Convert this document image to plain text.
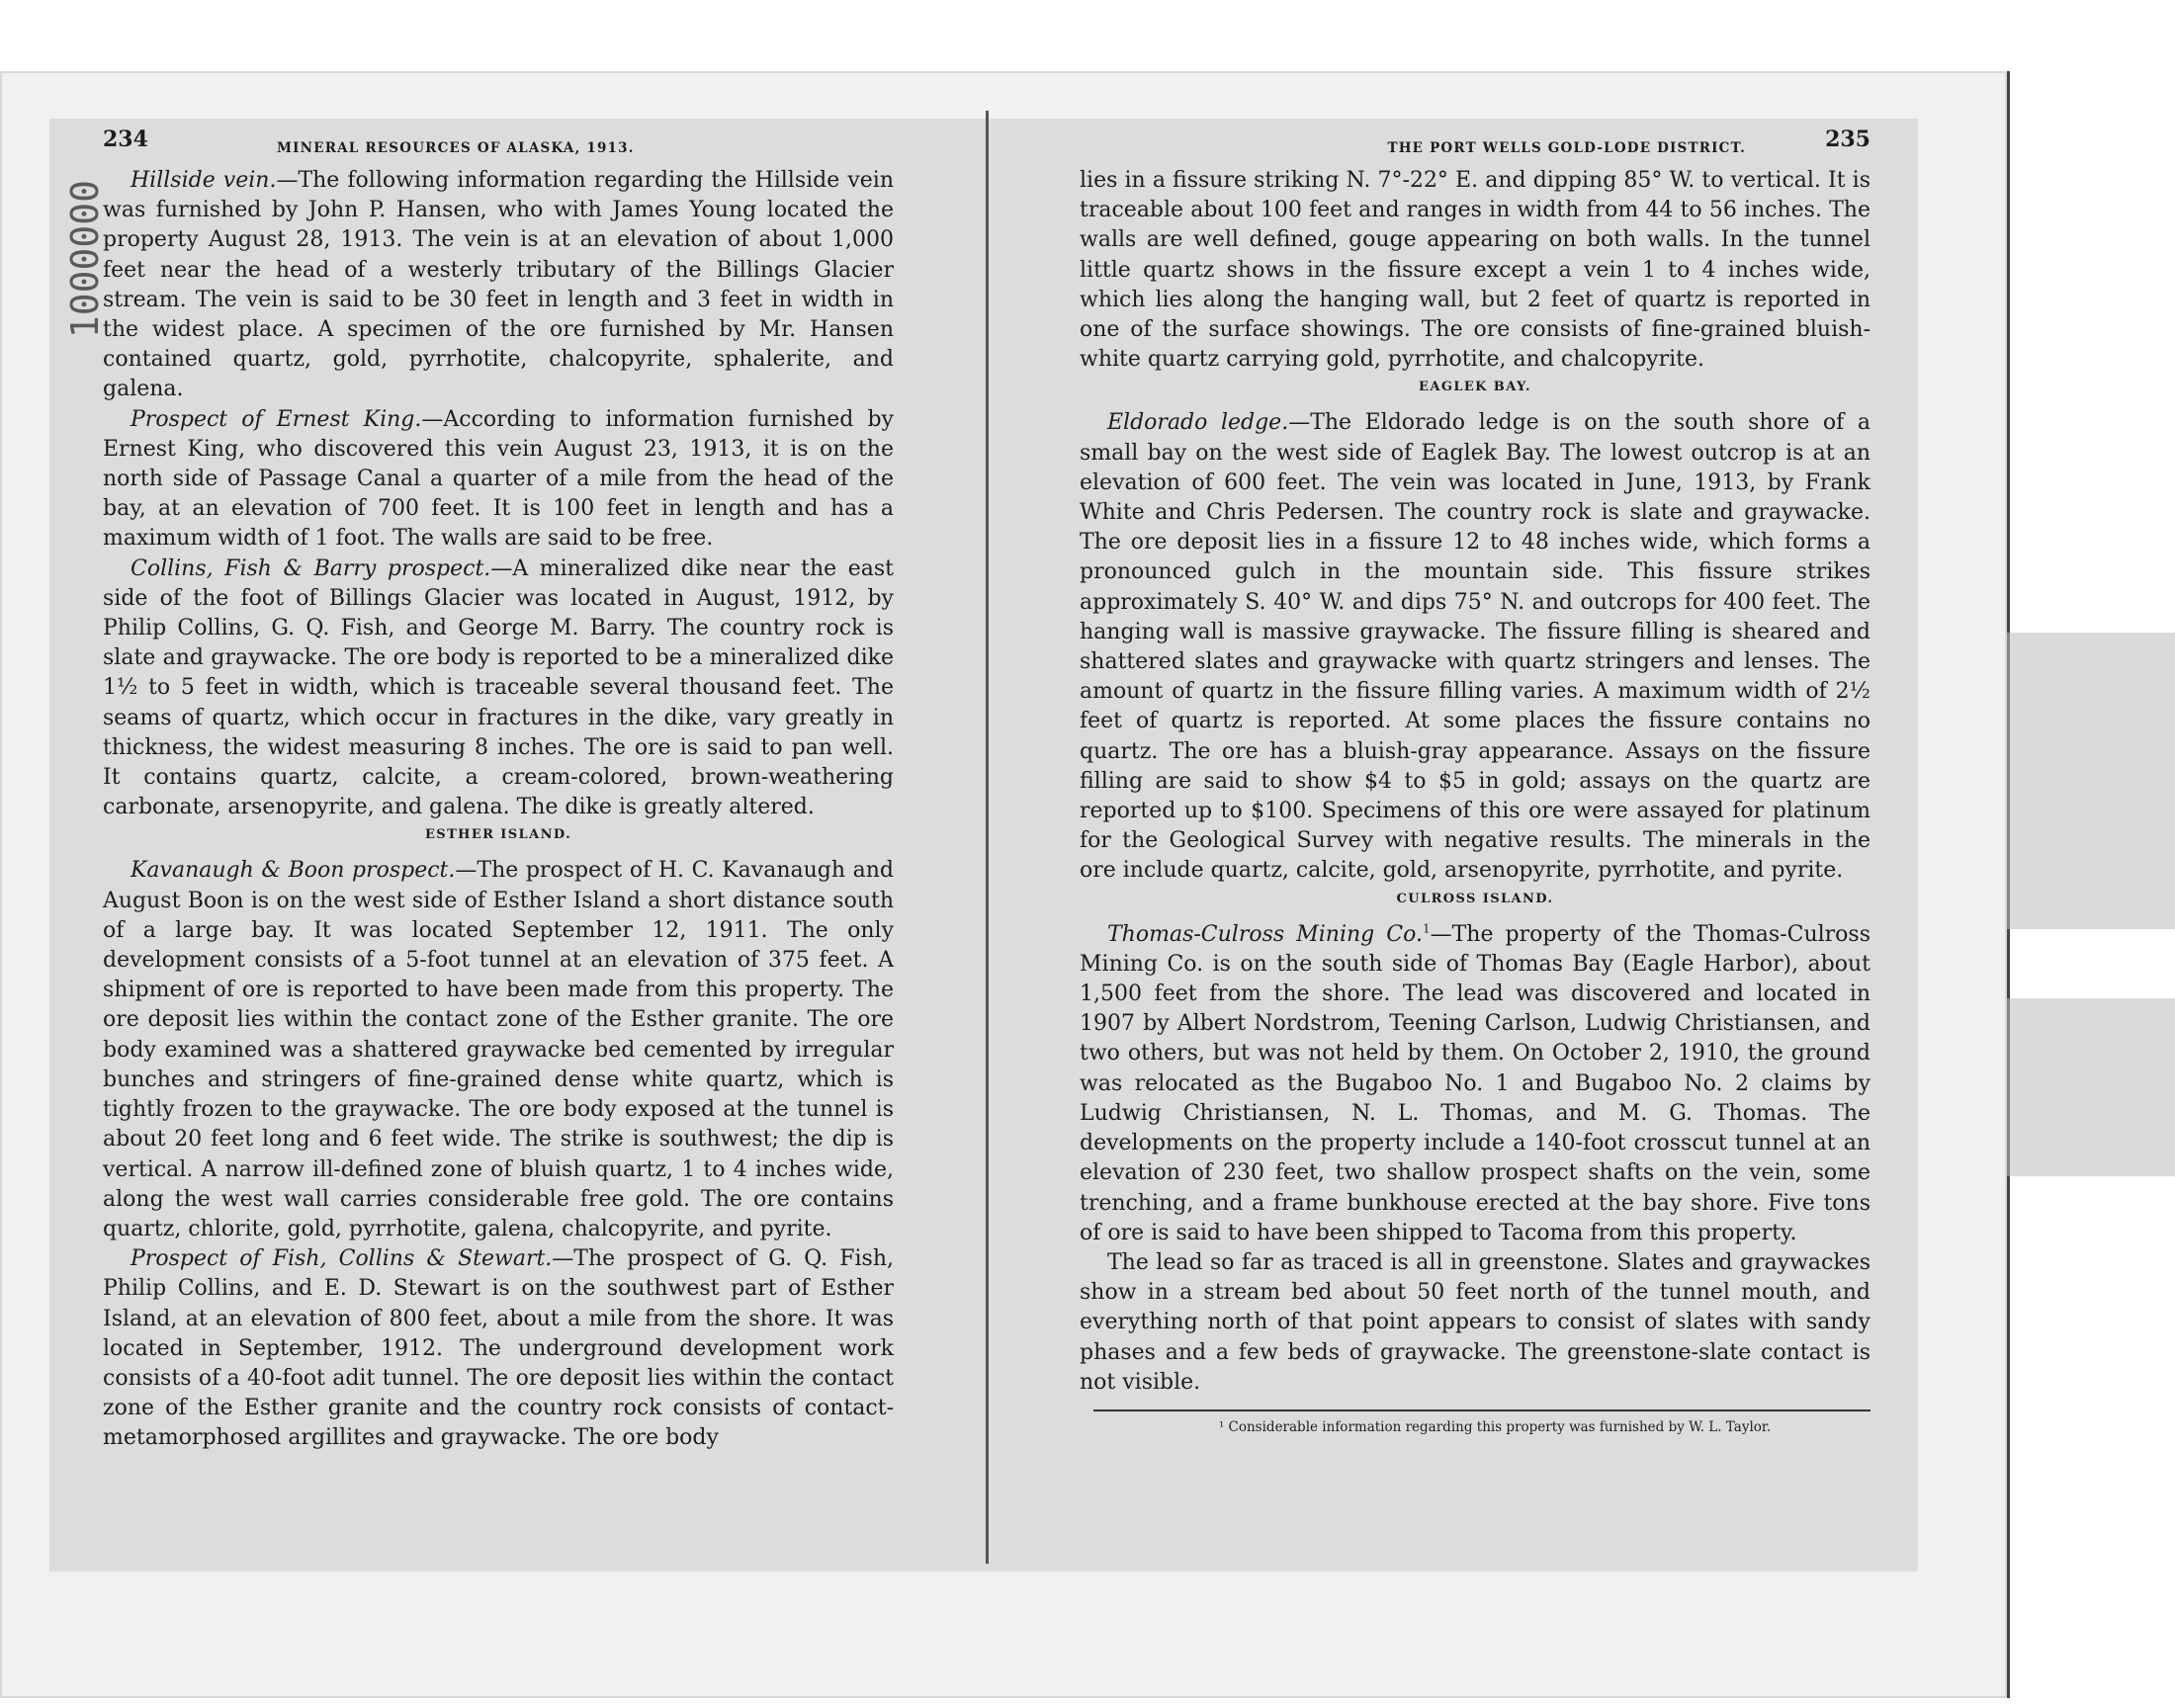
1000000
234	MINERAL RESOURCES OF ALASKA, 1913.

Hillside vein.—The following information regarding the Hillside vein was furnished by John P. Hansen, who with James Young located the property August 28, 1913. The vein is at an elevation of about 1,000 feet near the head of a westerly tributary of the Billings Glacier stream. The vein is said to be 30 feet in length and 3 feet in width in the widest place. A specimen of the ore furnished by Mr. Hansen contained quartz, gold, pyrrhotite, chalcopyrite, sphalerite, and galena.

Prospect of Ernest King.—According to information furnished by Ernest King, who discovered this vein August 23, 1913, it is on the north side of Passage Canal a quarter of a mile from the head of the bay, at an elevation of 700 feet. It is 100 feet in length and has a maximum width of 1 foot. The walls are said to be free.

Collins, Fish & Barry prospect.—A mineralized dike near the east side of the foot of Billings Glacier was located in August, 1912, by Philip Collins, G. Q. Fish, and George M. Barry. The country rock is slate and graywacke. The ore body is reported to be a mineralized dike 1½ to 5 feet in width, which is traceable several thousand feet. The seams of quartz, which occur in fractures in the dike, vary greatly in thickness, the widest measuring 8 inches. The ore is said to pan well. It contains quartz, calcite, a cream-colored, brown-weathering carbonate, arsenopyrite, and galena. The dike is greatly altered.

ESTHER ISLAND.

Kavanaugh & Boon prospect.—The prospect of H. C. Kavanaugh and August Boon is on the west side of Esther Island a short distance south of a large bay. It was located September 12, 1911. The only development consists of a 5-foot tunnel at an elevation of 375 feet. A shipment of ore is reported to have been made from this property. The ore deposit lies within the contact zone of the Esther granite. The ore body examined was a shattered graywacke bed cemented by irregular bunches and stringers of fine-grained dense white quartz, which is tightly frozen to the graywacke. The ore body exposed at the tunnel is about 20 feet long and 6 feet wide. The strike is southwest; the dip is vertical. A narrow ill-defined zone of bluish quartz, 1 to 4 inches wide, along the west wall carries considerable free gold. The ore contains quartz, chlorite, gold, pyrrhotite, galena, chalcopyrite, and pyrite.

Prospect of Fish, Collins & Stewart.—The prospect of G. Q. Fish, Philip Collins, and E. D. Stewart is on the southwest part of Esther Island, at an elevation of 800 feet, about a mile from the shore. It was located in September, 1912. The underground development work consists of a 40-foot adit tunnel. The ore deposit lies within the contact zone of the Esther granite and the country rock consists of contact-metamorphosed argillites and graywacke. The ore body

THE PORT WELLS GOLD-LODE DISTRICT.	235

lies in a fissure striking N. 7°-22° E. and dipping 85° W. to vertical. It is traceable about 100 feet and ranges in width from 44 to 56 inches. The walls are well defined, gouge appearing on both walls. In the tunnel little quartz shows in the fissure except a vein 1 to 4 inches wide, which lies along the hanging wall, but 2 feet of quartz is reported in one of the surface showings. The ore consists of fine-grained bluish-white quartz carrying gold, pyrrhotite, and chalcopyrite.

EAGLEK BAY.

Eldorado ledge.—The Eldorado ledge is on the south shore of a small bay on the west side of Eaglek Bay. The lowest outcrop is at an elevation of 600 feet. The vein was located in June, 1913, by Frank White and Chris Pedersen. The country rock is slate and graywacke. The ore deposit lies in a fissure 12 to 48 inches wide, which forms a pronounced gulch in the mountain side. This fissure strikes approximately S. 40° W. and dips 75° N. and outcrops for 400 feet. The hanging wall is massive graywacke. The fissure filling is sheared and shattered slates and graywacke with quartz stringers and lenses. The amount of quartz in the fissure filling varies. A maximum width of 2½ feet of quartz is reported. At some places the fissure contains no quartz. The ore has a bluish-gray appearance. Assays on the fissure filling are said to show $4 to $5 in gold; assays on the quartz are reported up to $100. Specimens of this ore were assayed for platinum for the Geological Survey with negative results. The minerals in the ore include quartz, calcite, gold, arsenopyrite, pyrrhotite, and pyrite.

CULROSS ISLAND.

Thomas-Culross Mining Co.$^1$—The property of the Thomas-Culross Mining Co. is on the south side of Thomas Bay (Eagle Harbor), about 1,500 feet from the shore. The lead was discovered and located in 1907 by Albert Nordstrom, Teening Carlson, Ludwig Christiansen, and two others, but was not held by them. On October 2, 1910, the ground was relocated as the Bugaboo No. 1 and Bugaboo No. 2 claims by Ludwig Christiansen, N. L. Thomas, and M. G. Thomas. The developments on the property include a 140-foot crosscut tunnel at an elevation of 230 feet, two shallow prospect shafts on the vein, some trenching, and a frame bunkhouse erected at the bay shore. Five tons of ore is said to have been shipped to Tacoma from this property.

The lead so far as traced is all in greenstone. Slates and graywackes show in a stream bed about 50 feet north of the tunnel mouth, and everything north of that point appears to consist of slates with sandy phases and a few beds of graywacke. The greenstone-slate contact is not visible.

¹ Considerable information regarding this property was furnished by W. L. Taylor.
